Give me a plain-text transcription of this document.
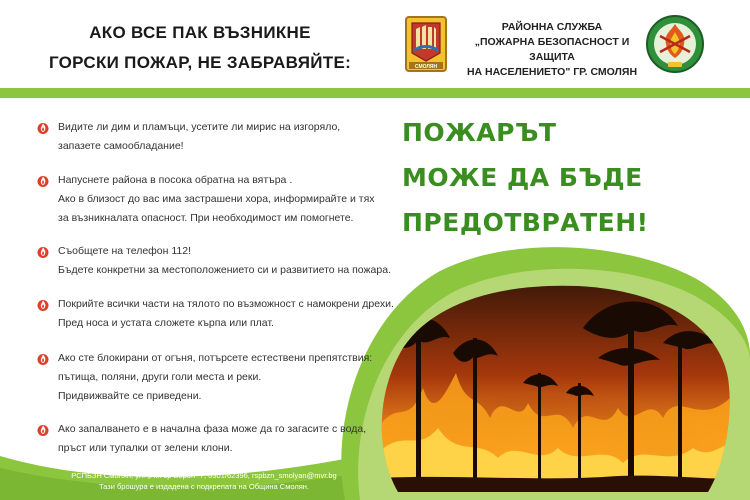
АКО ВСЕ ПАК ВЪЗНИКНЕ
ГОРСКИ ПОЖАР, НЕ ЗАБРАВЯЙТЕ:	СМОЛЯН
РАЙОННА СЛУЖБА
„ПОЖАРНА БЕЗОПАСНОСТ И ЗАЩИТА
НА НАСЕЛЕНИЕТО" ГР. СМОЛЯН
ПОЖАРЪТ
МОЖЕ ДА БЪДЕ
ПРЕДОТВРАТЕН!
Видите ли дим и пламъци, усетите ли мирис на изгоряло,
запазете самообладание!
Напуснете района в посока обратна на вятъра .
Ако в близост до вас има застрашени хора, информирайте и тях
за възникналата опасност. При необходимост им помогнете.
Съобщете на телефон 112!
Бъдете конкретни за местоположението си и развитието на пожара.
Покрийте всички части на тялото по възможност с намокрени дрехи.
Пред носа и устата сложете кърпа или плат.
Ако сте блокирани от огъня, потърсете естествени препятствия:
пътища, поляни, други голи места и реки.
Придвижвайте се приведени.
Ако запалването е в начална фаза може да го загасите с вода,
пръст или тупалки от зелени клони.
РСПБЗН Смолян, ул. „Петър Берон" 7, 0301/62396, rspbzn_smolyan@mvr.bg
Тази брошура е издадена с подкрепата на Община Смолян.
